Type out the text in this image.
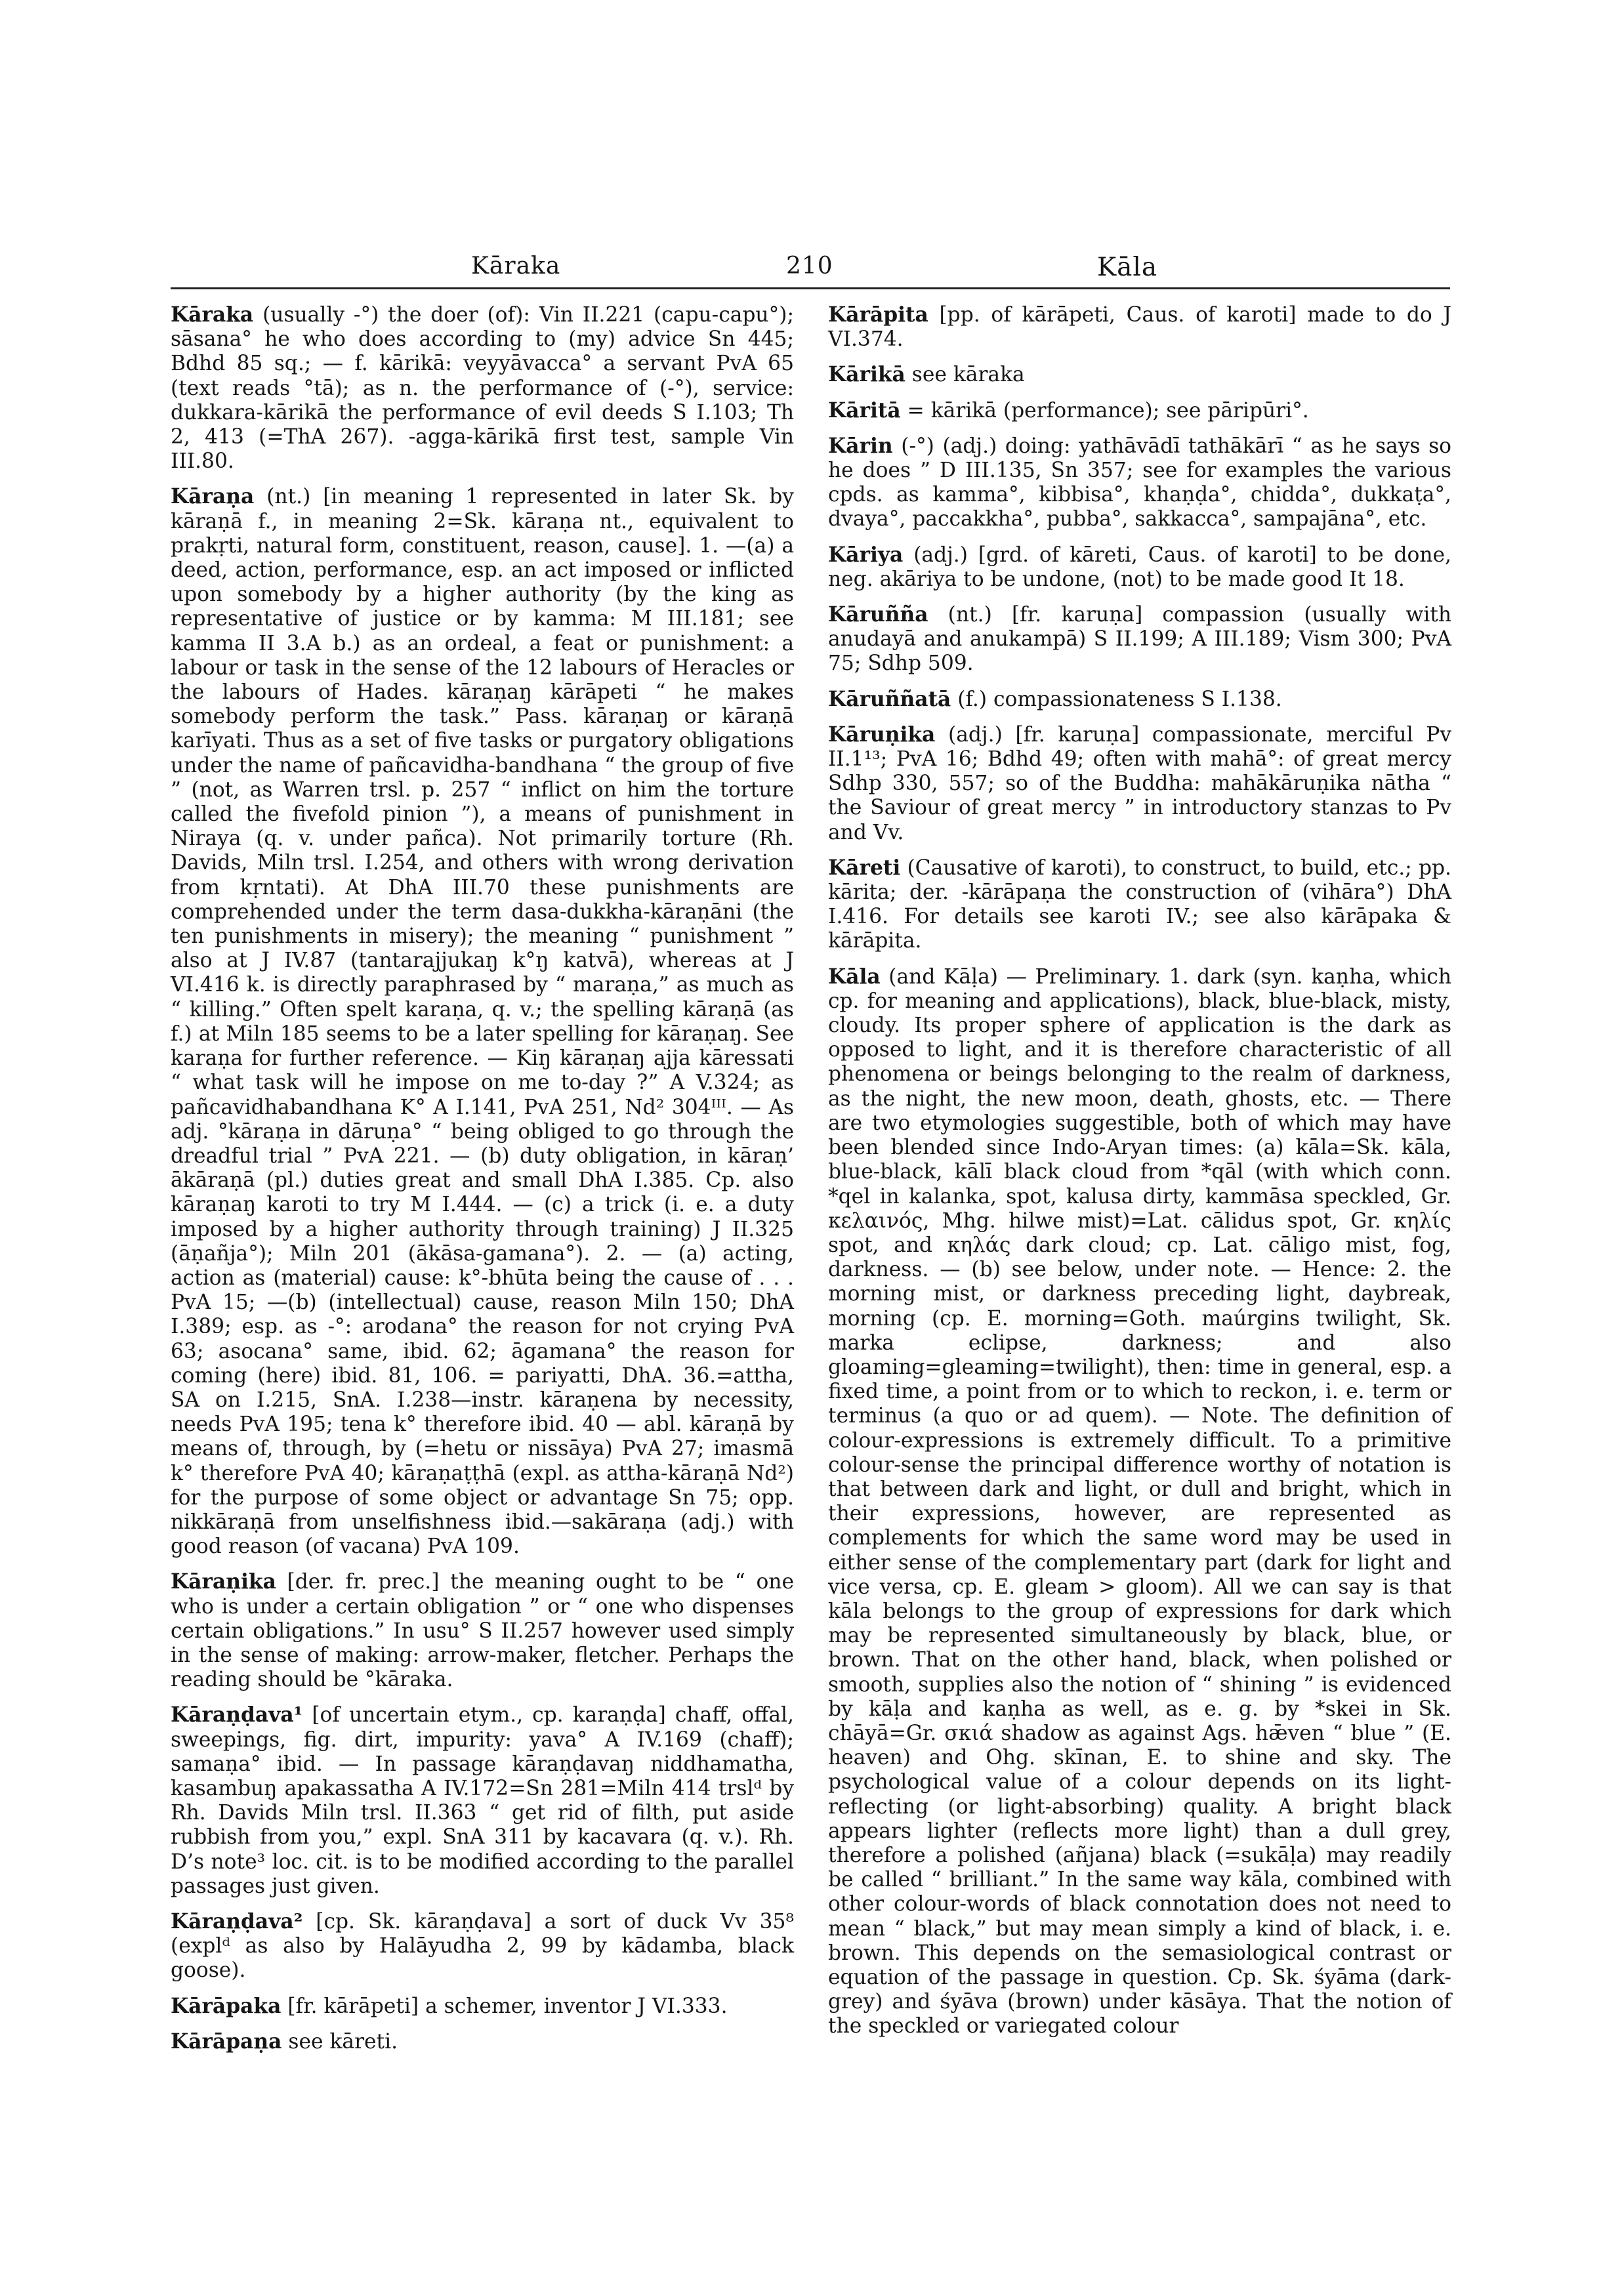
Kāraka	210	Kāla

Kāraka (usually -°) the doer (of): Vin II.221 (capu-capu°); sāsana° he who does according to (my) advice Sn 445; Bdhd 85 sq.; — f. kārikā: veyyāvacca° a servant PvA 65 (text reads °tā); as n. the performance of (-°), service: dukkara-kārikā the performance of evil deeds S I.103; Th 2, 413 (=ThA 267). -agga-kārikā first test, sample Vin III.80.

Kāraṇa (nt.) [in meaning 1 represented in later Sk. by kāraṇā f., in meaning 2=Sk. kāraṇa nt., equivalent to prakṛti, natural form, constituent, reason, cause]. 1. —(a) a deed, action, performance, esp. an act imposed or inflicted upon somebody by a higher authority (by the king as representative of justice or by kamma: M III.181; see kamma II 3.A b.) as an ordeal, a feat or punishment: a labour or task in the sense of the 12 labours of Heracles or the labours of Hades. kāraṇaŋ kārāpeti “ he makes somebody perform the task.” Pass. kāraṇaŋ or kāraṇā karīyati. Thus as a set of five tasks or purgatory obligations under the name of pañcavidha-bandhana “ the group of five ” (not, as Warren trsl. p. 257 “ inflict on him the torture called the fivefold pinion ”), a means of punishment in Niraya (q. v. under pañca). Not primarily torture (Rh. Davids, Miln trsl. I.254, and others with wrong derivation from kṛntati). At DhA III.70 these punishments are comprehended under the term dasa-dukkha-kāraṇāni (the ten punishments in misery); the meaning “ punishment ” also at J IV.87 (tantarajjukaŋ k°ŋ katvā), whereas at J VI.416 k. is directly paraphrased by “ maraṇa,” as much as “ killing.” Often spelt karaṇa, q. v.; the spelling kāraṇā (as f.) at Miln 185 seems to be a later spelling for kāraṇaŋ. See karaṇa for further reference. — Kiŋ kāraṇaŋ ajja kāressati “ what task will he impose on me to-day ?” A V.324; as pañcavidhabandhana K° A I.141, PvA 251, Nd² 304ᴵᴵᴵ. — As adj. °kāraṇa in dāruṇa° “ being obliged to go through the dreadful trial ” PvA 221. — (b) duty obligation, in kāraṇ’ ākāraṇā (pl.) duties great and small DhA I.385. Cp. also kāraṇaŋ karoti to try M I.444. — (c) a trick (i. e. a duty imposed by a higher authority through training) J II.325 (āṇañja°); Miln 201 (ākāsa-gamana°). 2. — (a) acting, action as (material) cause: k°-bhūta being the cause of . . . PvA 15; —(b) (intellectual) cause, reason Miln 150; DhA I.389; esp. as -°: arodana° the reason for not crying PvA 63; asocana° same, ibid. 62; āgamana° the reason for coming (here) ibid. 81, 106. = pariyatti, DhA. 36.=attha, SA on I.215, SnA. I.238—instr. kāraṇena by necessity, needs PvA 195; tena k° therefore ibid. 40 — abl. kāraṇā by means of, through, by (=hetu or nissāya) PvA 27; imasmā k° therefore PvA 40; kāraṇaṭṭhā (expl. as attha-kāraṇā Nd²) for the purpose of some object or advantage Sn 75; opp. nikkāraṇā from unselfishness ibid.—sakāraṇa (adj.) with good reason (of vacana) PvA 109.

Kāraṇika [der. fr. prec.] the meaning ought to be “ one who is under a certain obligation ” or “ one who dispenses certain obligations.” In usu° S II.257 however used simply in the sense of making: arrow-maker, fletcher. Perhaps the reading should be °kāraka.

Kāraṇḍava¹ [of uncertain etym., cp. karaṇḍa] chaff, offal, sweepings, fig. dirt, impurity: yava° A IV.169 (chaff); samaṇa° ibid. — In passage kāraṇḍavaŋ niddhamatha, kasambuŋ apakassatha A IV.172=Sn 281=Miln 414 trslᵈ by Rh. Davids Miln trsl. II.363 “ get rid of filth, put aside rubbish from you,” expl. SnA 311 by kacavara (q. v.). Rh. D’s note³ loc. cit. is to be modified according to the parallel passages just given.

Kāraṇḍava² [cp. Sk. kāraṇḍava] a sort of duck Vv 35⁸ (explᵈ as also by Halāyudha 2, 99 by kādamba, black goose).

Kārāpaka [fr. kārāpeti] a schemer, inventor J VI.333.

Kārāpaṇa see kāreti.

Kārāpita [pp. of kārāpeti, Caus. of karoti] made to do J VI.374.

Kārikā see kāraka

Kāritā = kārikā (performance); see pāripūri°.

Kārin (-°) (adj.) doing: yathāvādī tathākārī “ as he says so he does ” D III.135, Sn 357; see for examples the various cpds. as kamma°, kibbisa°, khaṇḍa°, chidda°, dukkaṭa°, dvaya°, paccakkha°, pubba°, sakkacca°, sampajāna°, etc.

Kāriya (adj.) [grd. of kāreti, Caus. of karoti] to be done, neg. akāriya to be undone, (not) to be made good It 18.

Kāruñña (nt.) [fr. karuṇa] compassion (usually with anudayā and anukampā) S II.199; A III.189; Vism 300; PvA 75; Sdhp 509.

Kāruññatā (f.) compassionateness S I.138.

Kāruṇika (adj.) [fr. karuṇa] compassionate, merciful Pv II.1¹³; PvA 16; Bdhd 49; often with mahā°: of great mercy Sdhp 330, 557; so of the Buddha: mahākāruṇika nātha “ the Saviour of great mercy ” in introductory stanzas to Pv and Vv.

Kāreti (Causative of karoti), to construct, to build, etc.; pp. kārita; der. -kārāpaṇa the construction of (vihāra°) DhA I.416. For details see karoti IV.; see also kārāpaka & kārāpita.

Kāla (and Kāḷa) — Preliminary. 1. dark (syn. kaṇha, which cp. for meaning and applications), black, blue-black, misty, cloudy. Its proper sphere of application is the dark as opposed to light, and it is therefore characteristic of all phenomena or beings belonging to the realm of darkness, as the night, the new moon, death, ghosts, etc. — There are two etymologies suggestible, both of which may have been blended since Indo-Aryan times: (a) kāla=Sk. kāla, blue-black, kālī black cloud from *qāl (with which conn. *qel in kalanka, spot, kalusa dirty, kammāsa speckled, Gr. κελαινός, Mhg. hilwe mist)=Lat. cālidus spot, Gr. κηλίς spot, and κηλάς dark cloud; cp. Lat. cāligo mist, fog, darkness. — (b) see below, under note. — Hence: 2. the morning mist, or darkness preceding light, daybreak, morning (cp. E. morning=Goth. maúrgins twilight, Sk. marka eclipse, darkness; and also gloaming=gleaming=twilight), then: time in general, esp. a fixed time, a point from or to which to reckon, i. e. term or terminus (a quo or ad quem). — Note. The definition of colour-expressions is extremely difficult. To a primitive colour-sense the principal difference worthy of notation is that between dark and light, or dull and bright, which in their expressions, however, are represented as complements for which the same word may be used in either sense of the complementary part (dark for light and vice versa, cp. E. gleam > gloom). All we can say is that kāla belongs to the group of expressions for dark which may be represented simultaneously by black, blue, or brown. That on the other hand, black, when polished or smooth, supplies also the notion of “ shining ” is evidenced by kāḷa and kaṇha as well, as e. g. by *skei in Sk. chāyā=Gr. σκιά shadow as against Ags. hǣven “ blue ” (E. heaven) and Ohg. skīnan, E. to shine and sky. The psychological value of a colour depends on its light-reflecting (or light-absorbing) quality. A bright black appears lighter (reflects more light) than a dull grey, therefore a polished (añjana) black (=sukāḷa) may readily be called “ brilliant.” In the same way kāla, combined with other colour-words of black connotation does not need to mean “ black,” but may mean simply a kind of black, i. e. brown. This depends on the semasiological contrast or equation of the passage in question. Cp. Sk. śyāma (dark-grey) and śyāva (brown) under kāsāya. That the notion of the speckled or variegated colour
